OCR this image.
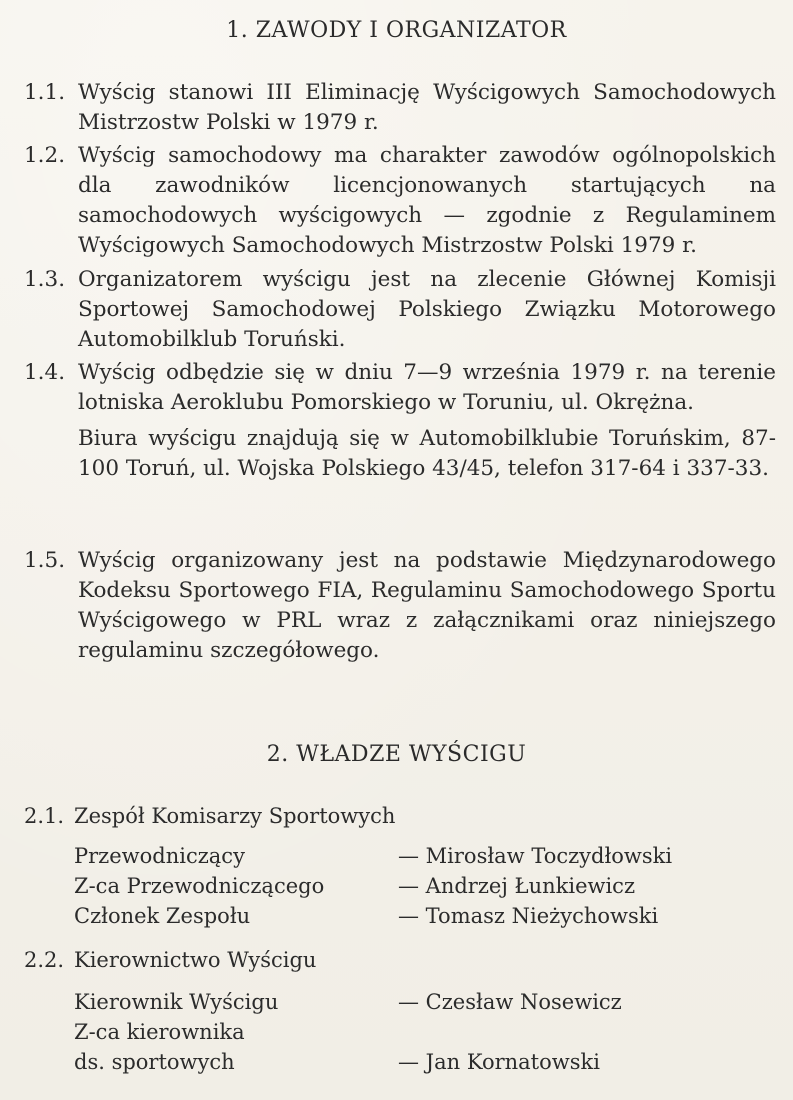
1. ZAWODY I ORGANIZATOR
1.1. Wyścig stanowi III Eliminację Wyścigowych Samochodowych Mistrzostw Polski w 1979 r.

1.2. Wyścig samochodowy ma charakter zawodów ogólnopolskich dla zawodników licencjonowanych startujących na samochodowych wyścigowych — zgodnie z Regulaminem Wyścigowych Samochodowych Mistrzostw Polski 1979 r.

1.3. Organizatorem wyścigu jest na zlecenie Głównej Komisji Sportowej Samochodowej Polskiego Związku Motorowego Automobilklub Toruński.

1.4. Wyścig odbędzie się w dniu 7—9 września 1979 r. na terenie lotniska Aeroklubu Pomorskiego w Toruniu, ul. Okrężna.

Biura wyścigu znajdują się w Automobilklubie Toruńskim, 87-100 Toruń, ul. Wojska Polskiego 43/45, telefon 317-64 i 337-33.

1.5. Wyścig organizowany jest na podstawie Międzynarodowego Kodeksu Sportowego FIA, Regulaminu Samochodowego Sportu Wyścigowego w PRL wraz z załącznikami oraz niniejszego regulaminu szczegółowego.

2. WŁADZE WYŚCIGU
2.1. Zespół Komisarzy Sportowych
Przewodniczący	— Mirosław Toczydłowski
Z-ca Przewodniczącego	— Andrzej Łunkiewicz
Członek Zespołu	— Tomasz Nieżychowski
2.2. Kierownictwo Wyścigu
Kierownik Wyścigu	— Czesław Nosewicz
Z-ca kierownika
ds. sportowych	— Jan Kornatowski
